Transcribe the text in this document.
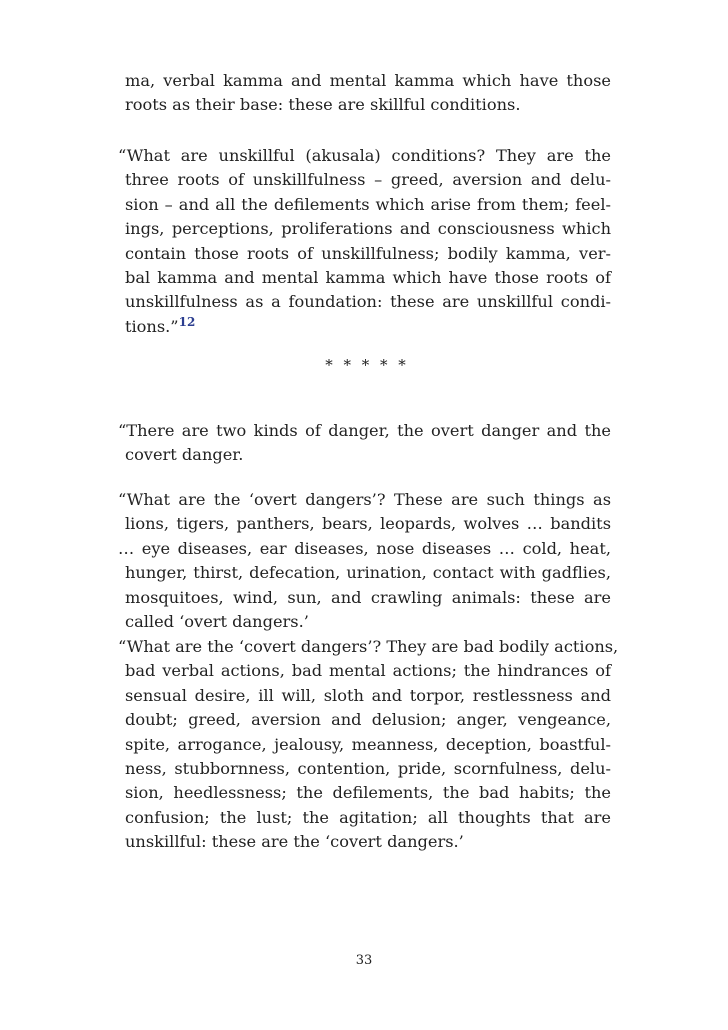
ma, verbal kamma and mental kamma which have those
roots as their base: these are skillful conditions.
“What are unskillful (akusala) conditions? They are the
three roots of unskillfulness – greed, aversion and delu-
sion – and all the defilements which arise from them; feel-
ings, perceptions, proliferations and consciousness which
contain those roots of unskillfulness; bodily kamma, ver-
bal kamma and mental kamma which have those roots of
unskillfulness as a foundation: these are unskillful condi-
tions.”$^{12}$
* * * * *
“There are two kinds of danger, the overt danger and the
covert danger.
“What are the ‘overt dangers’? These are such things as
lions, tigers, panthers, bears, leopards, wolves … bandits
… eye diseases, ear diseases, nose diseases … cold, heat,
hunger, thirst, defecation, urination, contact with gadflies,
mosquitoes, wind, sun, and crawling animals: these are
called ‘overt dangers.’
“What are the ‘covert dangers’? They are bad bodily actions,
bad verbal actions, bad mental actions; the hindrances of
sensual desire, ill will, sloth and torpor, restlessness and
doubt; greed, aversion and delusion; anger, vengeance,
spite, arrogance, jealousy, meanness, deception, boastful-
ness, stubbornness, contention, pride, scornfulness, delu-
sion, heedlessness; the defilements, the bad habits; the
confusion; the lust; the agitation; all thoughts that are
unskillful: these are the ‘covert dangers.’
33
